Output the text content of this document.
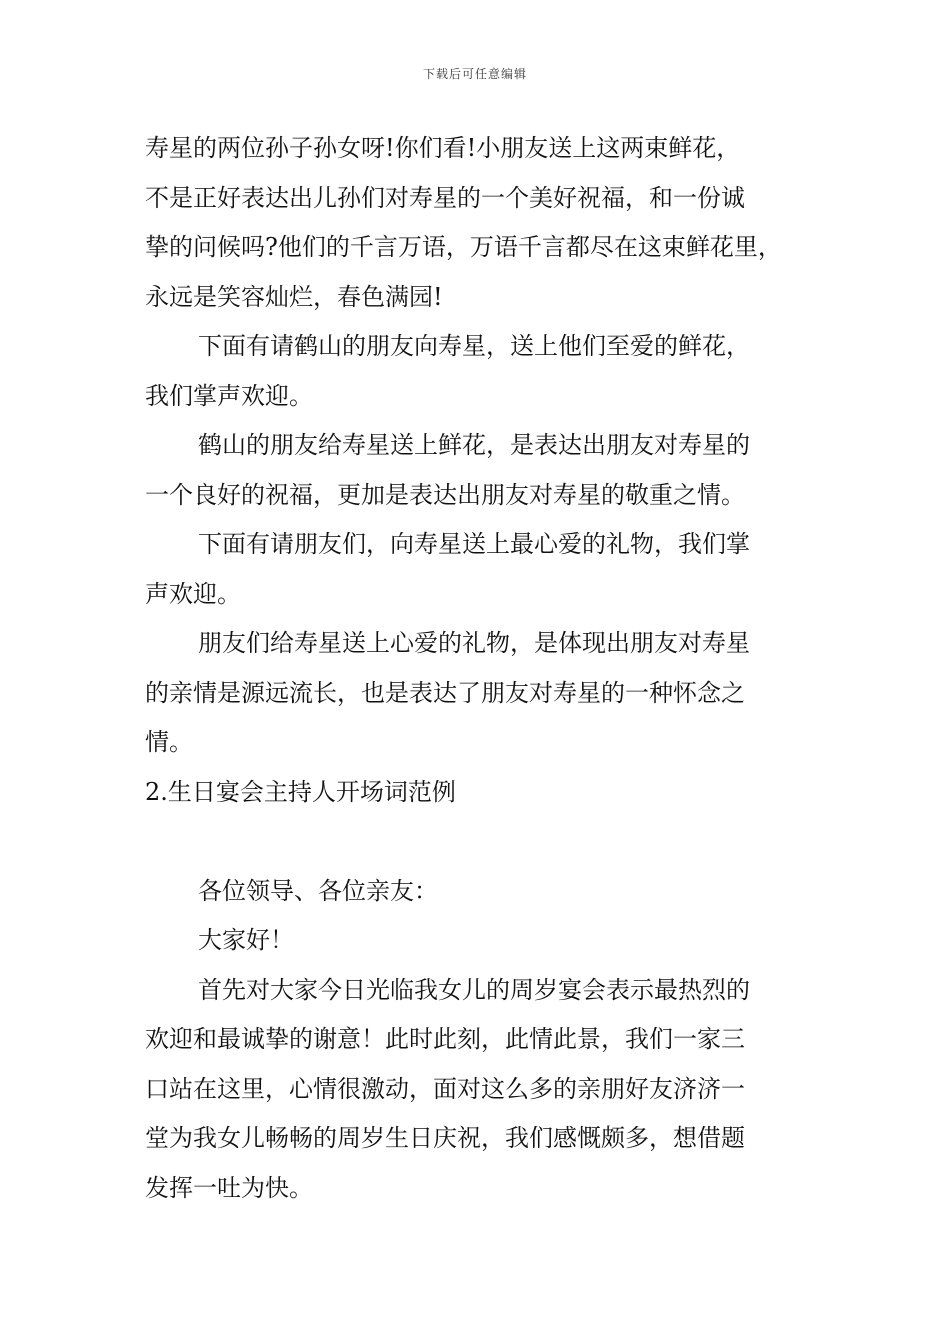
下载后可任意编辑
寿星的两位孙子孙女呀!你们看!小朋友送上这两束鲜花，
不是正好表达出儿孙们对寿星的一个美好祝福，和一份诚
挚的问候吗?他们的千言万语，万语千言都尽在这束鲜花里，
永远是笑容灿烂，春色满园!
下面有请鹤山的朋友向寿星，送上他们至爱的鲜花，
我们掌声欢迎。
鹤山的朋友给寿星送上鲜花，是表达出朋友对寿星的
一个良好的祝福，更加是表达出朋友对寿星的敬重之情。
下面有请朋友们，向寿星送上最心爱的礼物，我们掌
声欢迎。
朋友们给寿星送上心爱的礼物，是体现出朋友对寿星
的亲情是源远流长，也是表达了朋友对寿星的一种怀念之
情。
2.生日宴会主持人开场词范例
各位领导、各位亲友：
大家好！
首先对大家今日光临我女儿的周岁宴会表示最热烈的
欢迎和最诚挚的谢意！此时此刻，此情此景，我们一家三
口站在这里，心情很激动，面对这么多的亲朋好友济济一
堂为我女儿畅畅的周岁生日庆祝，我们感慨颇多，想借题
发挥一吐为快。
